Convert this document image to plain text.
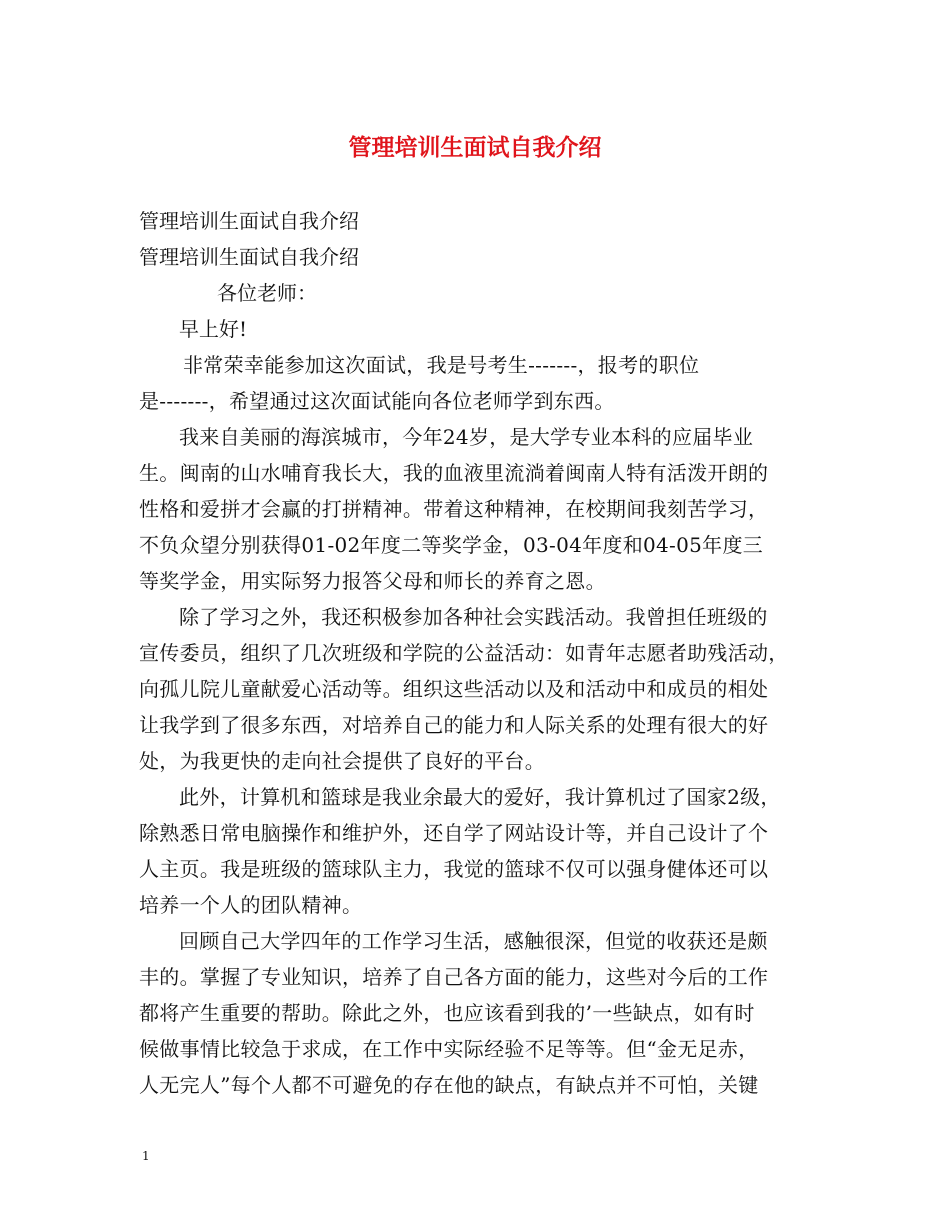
管理培训生面试自我介绍

管理培训生面试自我介绍

管理培训生面试自我介绍

各位老师：

早上好!

非常荣幸能参加这次面试，我是号考生-------，报考的职位

是-------，希望通过这次面试能向各位老师学到东西。

我来自美丽的海滨城市，今年24岁，是大学专业本科的应届毕业

生。闽南的山水哺育我长大，我的血液里流淌着闽南人特有活泼开朗的

性格和爱拼才会赢的打拼精神。带着这种精神，在校期间我刻苦学习，

不负众望分别获得01-02年度二等奖学金，03-04年度和04-05年度三

等奖学金，用实际努力报答父母和师长的养育之恩。

除了学习之外，我还积极参加各种社会实践活动。我曾担任班级的

宣传委员，组织了几次班级和学院的公益活动：如青年志愿者助残活动，

向孤儿院儿童献爱心活动等。组织这些活动以及和活动中和成员的相处

让我学到了很多东西，对培养自己的能力和人际关系的处理有很大的好

处，为我更快的走向社会提供了良好的平台。

此外，计算机和篮球是我业余最大的爱好，我计算机过了国家2级，

除熟悉日常电脑操作和维护外，还自学了网站设计等，并自己设计了个

人主页。我是班级的篮球队主力，我觉的篮球不仅可以强身健体还可以

培养一个人的团队精神。

回顾自己大学四年的工作学习生活，感触很深，但觉的收获还是颇

丰的。掌握了专业知识，培养了自己各方面的能力，这些对今后的工作

都将产生重要的帮助。除此之外，也应该看到我的’一些缺点，如有时

候做事情比较急于求成，在工作中实际经验不足等等。但“金无足赤，

人无完人”每个人都不可避免的存在他的缺点，有缺点并不可怕，关键

1
